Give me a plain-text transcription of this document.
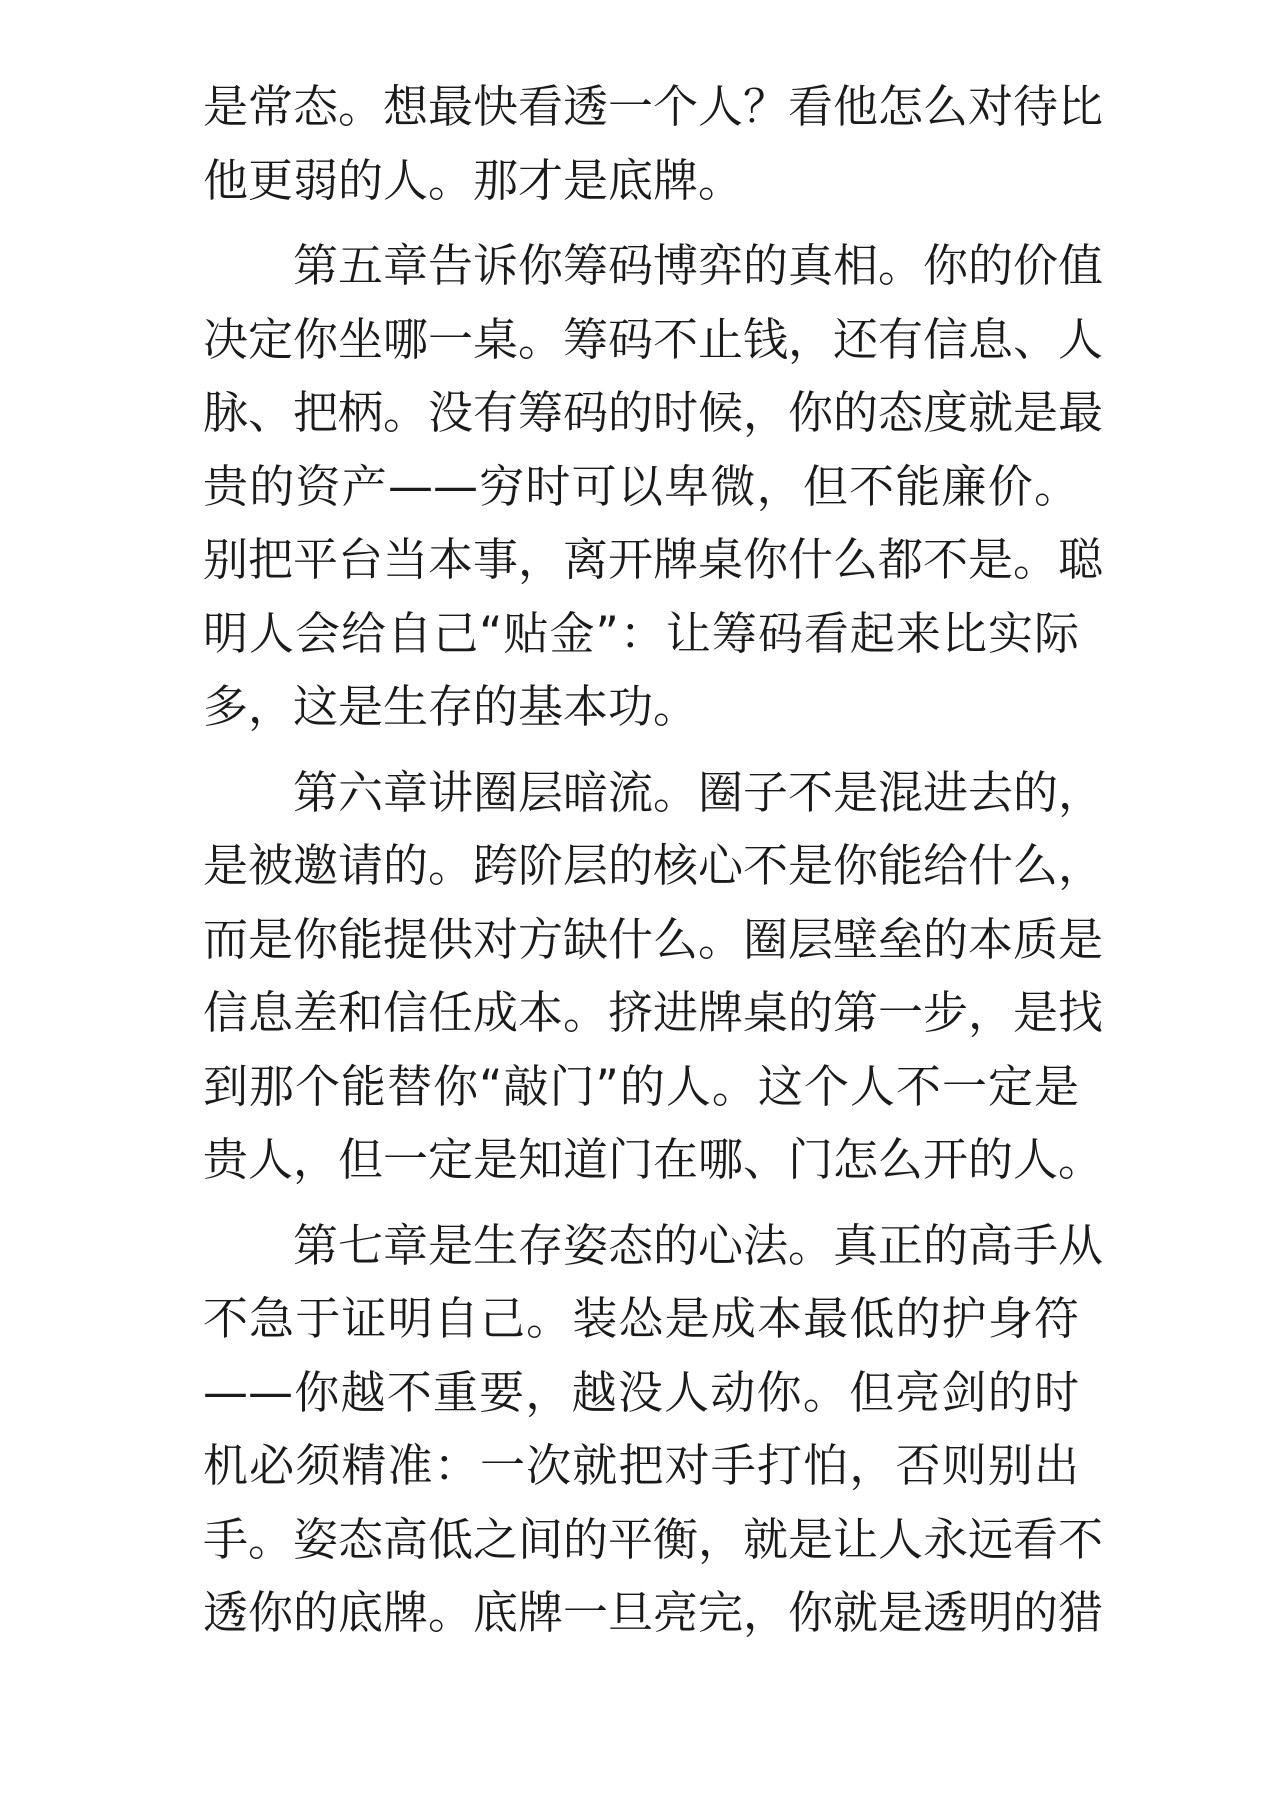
是常态。想最快看透一个人？看他怎么对待比
他更弱的人。那才是底牌。
第五章告诉你筹码博弈的真相。你的价值
决定你坐哪一桌。筹码不止钱，还有信息、人
脉、把柄。没有筹码的时候，你的态度就是最
贵的资产——穷时可以卑微，但不能廉价。
别把平台当本事，离开牌桌你什么都不是。聪
明人会给自己“贴金”：让筹码看起来比实际
多，这是生存的基本功。
第六章讲圈层暗流。圈子不是混进去的，
是被邀请的。跨阶层的核心不是你能给什么，
而是你能提供对方缺什么。圈层壁垒的本质是
信息差和信任成本。挤进牌桌的第一步，是找
到那个能替你“敲门”的人。这个人不一定是
贵人，但一定是知道门在哪、门怎么开的人。
第七章是生存姿态的心法。真正的高手从
不急于证明自己。装怂是成本最低的护身符
——你越不重要，越没人动你。但亮剑的时
机必须精准：一次就把对手打怕，否则别出
手。姿态高低之间的平衡，就是让人永远看不
透你的底牌。底牌一旦亮完，你就是透明的猎
